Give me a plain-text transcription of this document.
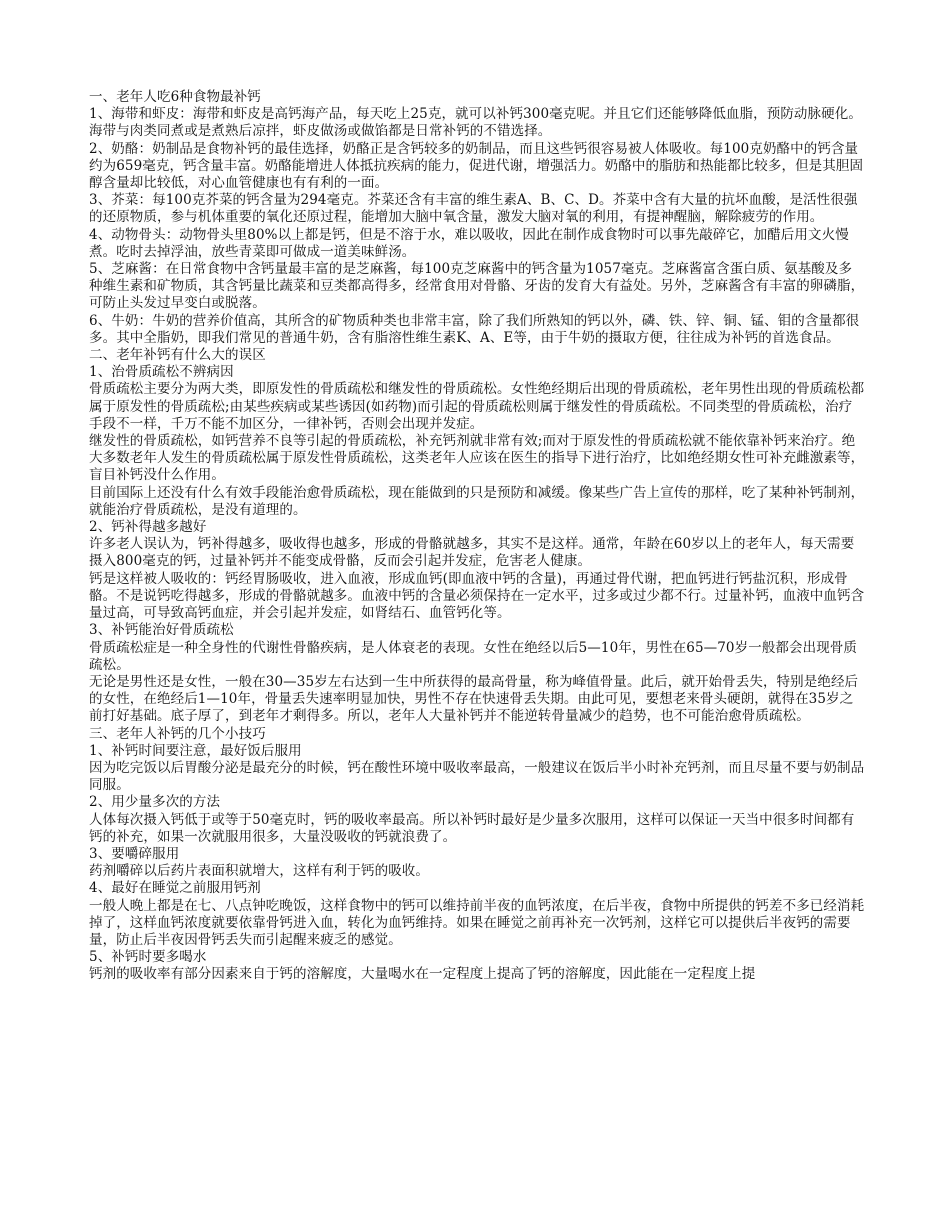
一、老年人吃6种食物最补钙

1、海带和虾皮：海带和虾皮是高钙海产品，每天吃上25克，就可以补钙300毫克呢。并且它们还能够降低血脂，预防动脉硬化。海带与肉类同煮或是煮熟后凉拌，虾皮做汤或做馅都是日常补钙的不错选择。

2、奶酪：奶制品是食物补钙的最佳选择，奶酪正是含钙较多的奶制品，而且这些钙很容易被人体吸收。每100克奶酪中的钙含量约为659毫克，钙含量丰富。奶酪能增进人体抵抗疾病的能力，促进代谢，增强活力。奶酪中的脂肪和热能都比较多，但是其胆固醇含量却比较低，对心血管健康也有有利的一面。

3、芥菜：每100克芥菜的钙含量为294毫克。芥菜还含有丰富的维生素A、B、C、D。芥菜中含有大量的抗坏血酸，是活性很强的还原物质，参与机体重要的氧化还原过程，能增加大脑中氧含量，激发大脑对氧的利用，有提神醒脑，解除疲劳的作用。

4、动物骨头：动物骨头里80%以上都是钙，但是不溶于水，难以吸收，因此在制作成食物时可以事先敲碎它，加醋后用文火慢煮。吃时去掉浮油，放些青菜即可做成一道美味鲜汤。

5、芝麻酱：在日常食物中含钙量最丰富的是芝麻酱，每100克芝麻酱中的钙含量为1057毫克。芝麻酱富含蛋白质、氨基酸及多种维生素和矿物质，其含钙量比蔬菜和豆类都高得多，经常食用对骨骼、牙齿的发育大有益处。另外，芝麻酱含有丰富的卵磷脂，可防止头发过早变白或脱落。

6、牛奶：牛奶的营养价值高，其所含的矿物质种类也非常丰富，除了我们所熟知的钙以外，磷、铁、锌、铜、锰、钼的含量都很多。其中全脂奶，即我们常见的普通牛奶，含有脂溶性维生素K、A、E等，由于牛奶的摄取方便，往往成为补钙的首选食品。

二、老年补钙有什么大的误区

1、治骨质疏松不辨病因

骨质疏松主要分为两大类，即原发性的骨质疏松和继发性的骨质疏松。女性绝经期后出现的骨质疏松，老年男性出现的骨质疏松都属于原发性的骨质疏松;由某些疾病或某些诱因(如药物)而引起的骨质疏松则属于继发性的骨质疏松。不同类型的骨质疏松，治疗手段不一样，千万不能不加区分，一律补钙，否则会出现并发症。

继发性的骨质疏松，如钙营养不良等引起的骨质疏松，补充钙剂就非常有效;而对于原发性的骨质疏松就不能依靠补钙来治疗。绝大多数老年人发生的骨质疏松属于原发性骨质疏松，这类老年人应该在医生的指导下进行治疗，比如绝经期女性可补充雌激素等，盲目补钙没什么作用。

目前国际上还没有什么有效手段能治愈骨质疏松，现在能做到的只是预防和减缓。像某些广告上宣传的那样，吃了某种补钙制剂，就能治疗骨质疏松，是没有道理的。

2、钙补得越多越好

许多老人误认为，钙补得越多，吸收得也越多，形成的骨骼就越多，其实不是这样。通常，年龄在60岁以上的老年人，每天需要摄入800毫克的钙，过量补钙并不能变成骨骼，反而会引起并发症，危害老人健康。

钙是这样被人吸收的：钙经胃肠吸收，进入血液，形成血钙(即血液中钙的含量)，再通过骨代谢，把血钙进行钙盐沉积，形成骨骼。不是说钙吃得越多，形成的骨骼就越多。血液中钙的含量必须保持在一定水平，过多或过少都不行。过量补钙，血液中血钙含量过高，可导致高钙血症，并会引起并发症，如肾结石、血管钙化等。

3、补钙能治好骨质疏松

骨质疏松症是一种全身性的代谢性骨骼疾病，是人体衰老的表现。女性在绝经以后5—10年，男性在65—70岁一般都会出现骨质疏松。

无论是男性还是女性，一般在30—35岁左右达到一生中所获得的最高骨量，称为峰值骨量。此后，就开始骨丢失，特别是绝经后的女性，在绝经后1—10年，骨量丢失速率明显加快，男性不存在快速骨丢失期。由此可见，要想老来骨头硬朗，就得在35岁之前打好基础。底子厚了，到老年才剩得多。所以，老年人大量补钙并不能逆转骨量减少的趋势，也不可能治愈骨质疏松。

三、老年人补钙的几个小技巧

1、补钙时间要注意，最好饭后服用

因为吃完饭以后胃酸分泌是最充分的时候，钙在酸性环境中吸收率最高，一般建议在饭后半小时补充钙剂，而且尽量不要与奶制品同服。

2、用少量多次的方法

人体每次摄入钙低于或等于50毫克时，钙的吸收率最高。所以补钙时最好是少量多次服用，这样可以保证一天当中很多时间都有钙的补充，如果一次就服用很多，大量没吸收的钙就浪费了。

3、要嚼碎服用

药剂嚼碎以后药片表面积就增大，这样有利于钙的吸收。

4、最好在睡觉之前服用钙剂

一般人晚上都是在七、八点钟吃晚饭，这样食物中的钙可以维持前半夜的血钙浓度，在后半夜，食物中所提供的钙差不多已经消耗掉了，这样血钙浓度就要依靠骨钙进入血，转化为血钙维持。如果在睡觉之前再补充一次钙剂，这样它可以提供后半夜钙的需要量，防止后半夜因骨钙丢失而引起醒来疲乏的感觉。

5、补钙时要多喝水

钙剂的吸收率有部分因素来自于钙的溶解度，大量喝水在一定程度上提高了钙的溶解度，因此能在一定程度上提
